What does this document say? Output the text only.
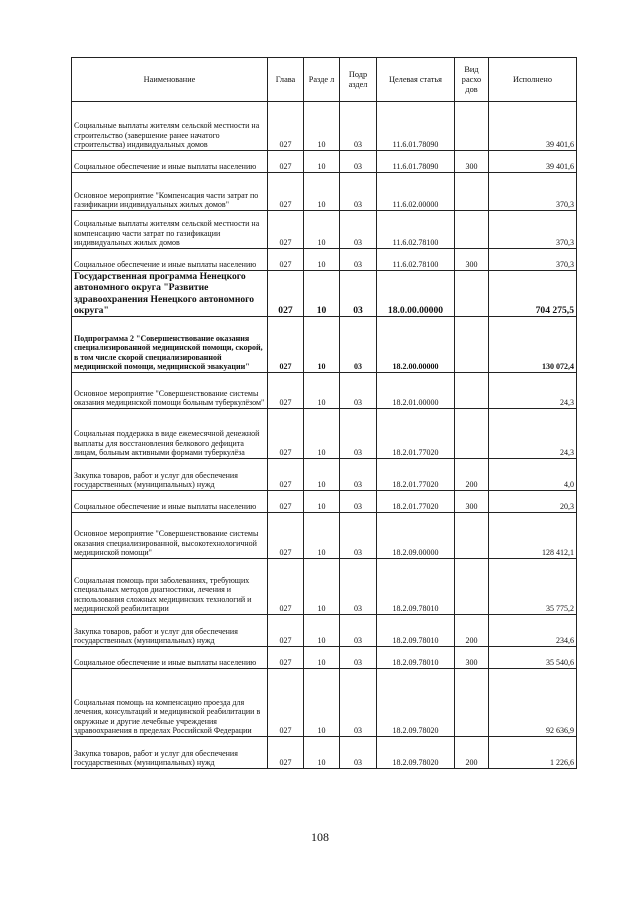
Наименование	Глава	Разде л	Подр аздел	Целевая статья	Вид расхо дов	Исполнено
Социальные выплаты жителям сельской местности на строительство (завершение ранее начатого строительства) индивидуальных домов	027	10	03	11.6.01.78090		39 401,6
Социальное обеспечение и иные выплаты населению	027	10	03	11.6.01.78090	300	39 401,6
Основное мероприятие "Компенсация части затрат по газификации индивидуальных жилых домов"	027	10	03	11.6.02.00000		370,3
Социальные выплаты жителям сельской местности на компенсацию части затрат по газификации индивидуальных жилых домов	027	10	03	11.6.02.78100		370,3
Социальное обеспечение и иные выплаты населению	027	10	03	11.6.02.78100	300	370,3
Государственная программа Ненецкого автономного округа "Развитие здравоохранения Ненецкого автономного округа"	027	10	03	18.0.00.00000		704 275,5
Подпрограмма 2 "Совершенствование оказания специализированной медицинской помощи, скорой, в том числе скорой специализированной медицинской помощи, медицинской эвакуации"	027	10	03	18.2.00.00000		130 072,4
Основное мероприятие "Совершенствование системы оказания медицинской помощи больным туберкулёзом"	027	10	03	18.2.01.00000		24,3
Социальная поддержка в виде ежемесячной денежной выплаты для восстановления белкового дефицита лицам, больным активными формами туберкулёза	027	10	03	18.2.01.77020		24,3
Закупка товаров, работ и услуг для обеспечения государственных (муниципальных) нужд	027	10	03	18.2.01.77020	200	4,0
Социальное обеспечение и иные выплаты населению	027	10	03	18.2.01.77020	300	20,3
Основное мероприятие "Совершенствование системы оказания специализированной, высокотехнологичной медицинской помощи"	027	10	03	18.2.09.00000		128 412,1
Социальная помощь при заболеваниях, требующих специальных методов диагностики, лечения и использования сложных медицинских технологий и медицинской реабилитации	027	10	03	18.2.09.78010		35 775,2
Закупка товаров, работ и услуг для обеспечения государственных (муниципальных) нужд	027	10	03	18.2.09.78010	200	234,6
Социальное обеспечение и иные выплаты населению	027	10	03	18.2.09.78010	300	35 540,6
Социальная помощь на компенсацию проезда для лечения, консультаций и медицинской реабилитации в окружные и другие лечебные учреждения здравоохранения в пределах Российской Федерации	027	10	03	18.2.09.78020		92 636,9
Закупка товаров, работ и услуг для обеспечения государственных (муниципальных) нужд	027	10	03	18.2.09.78020	200	1 226,6
108
